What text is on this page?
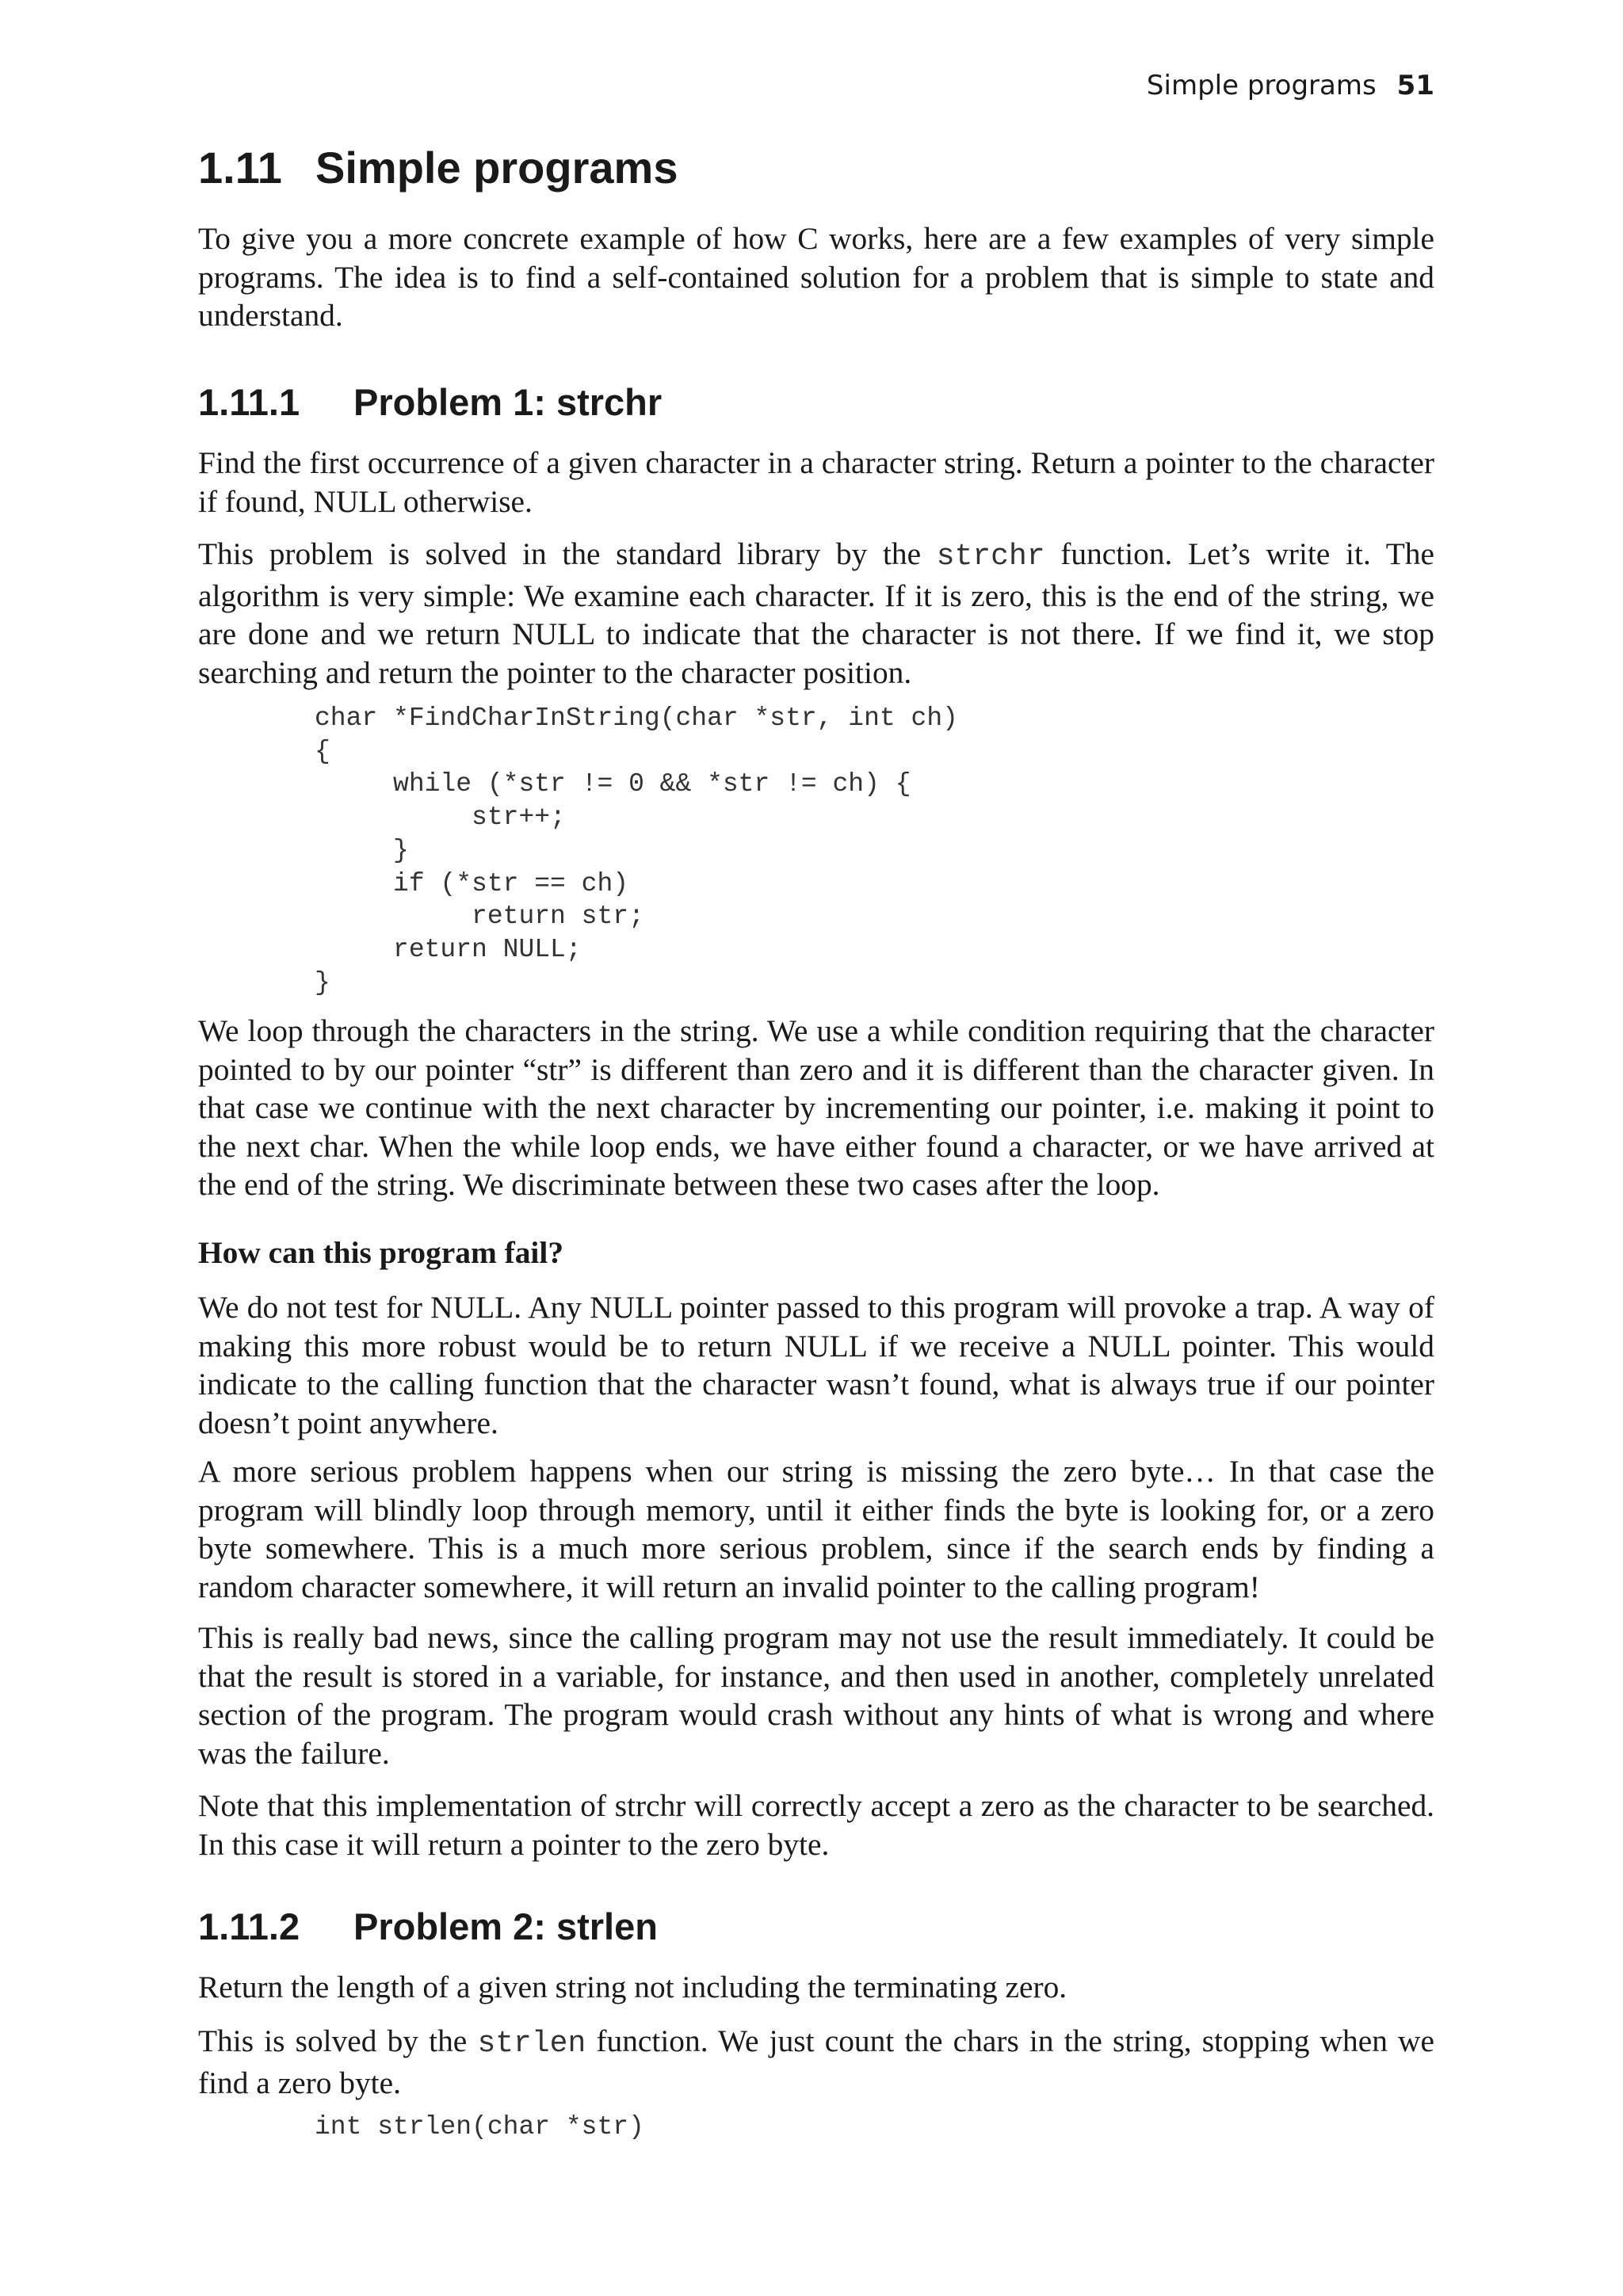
Simple programs 51
1.11 Simple programs

To give you a more concrete example of how C works, here are a few examples of very simple programs. The idea is to find a self-contained solution for a problem that is simple to state and understand.

1.11.1 Problem 1: strchr

Find the first occurrence of a given character in a character string. Return a pointer to the character if found, NULL otherwise.

This problem is solved in the standard library by the strchr function. Let’s write it. The algorithm is very simple: We examine each character. If it is zero, this is the end of the string, we are done and we return NULL to indicate that the character is not there. If we find it, we stop searching and return the pointer to the character position.

char *FindCharInString(char *str, int ch)
{
while (*str != 0 && *str != ch) {
str++;
}
if (*str == ch)
return str;
return NULL;
}

We loop through the characters in the string. We use a while condition requiring that the character pointed to by our pointer “str” is different than zero and it is different than the character given. In that case we continue with the next character by incrementing our pointer, i.e. making it point to the next char. When the while loop ends, we have either found a character, or we have arrived at the end of the string. We discriminate between these two cases after the loop.

How can this program fail?

We do not test for NULL. Any NULL pointer passed to this program will provoke a trap. A way of making this more robust would be to return NULL if we receive a NULL pointer. This would indicate to the calling function that the character wasn’t found, what is always true if our pointer doesn’t point anywhere.

A more serious problem happens when our string is missing the zero byte… In that case the program will blindly loop through memory, until it either finds the byte is looking for, or a zero byte somewhere. This is a much more serious problem, since if the search ends by finding a random character somewhere, it will return an invalid pointer to the calling program!

This is really bad news, since the calling program may not use the result immediately. It could be that the result is stored in a variable, for instance, and then used in another, completely unrelated section of the program. The program would crash without any hints of what is wrong and where was the failure.

Note that this implementation of strchr will correctly accept a zero as the character to be searched. In this case it will return a pointer to the zero byte.

1.11.2 Problem 2: strlen

Return the length of a given string not including the terminating zero.

This is solved by the strlen function. We just count the chars in the string, stopping when we find a zero byte.

int strlen(char *str)
